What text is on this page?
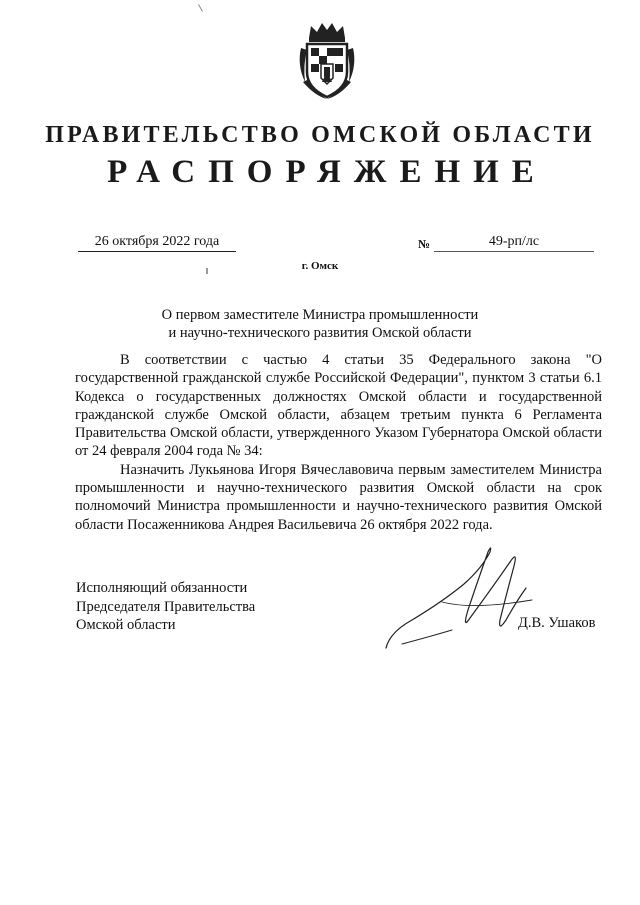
ПРАВИТЕЛЬСТВО ОМСКОЙ ОБЛАСТИ
РАСПОРЯЖЕНИЕ
26 октября 2022 года	№	49-рп/лс
г. Омск
О первом заместителе Министра промышленности
и научно-технического развития Омской области

В соответствии с частью 4 статьи 35 Федерального закона "О государственной гражданской службе Российской Федерации", пунктом 3 статьи 6.1 Кодекса о государственных должностях Омской области и государственной гражданской службе Омской области, абзацем третьим пункта 6 Регламента Правительства Омской области, утвержденного Указом Губернатора Омской области от 24 февраля 2004 года № 34:

Назначить Лукьянова Игоря Вячеславовича первым заместителем Министра промышленности и научно-технического развития Омской области на срок полномочий Министра промышленности и научно-технического развития Омской области Посаженникова Андрея Васильевича 26 октября 2022 года.

Исполняющий обязанности
Председателя Правительства
Омской области	Д.В. Ушаков
